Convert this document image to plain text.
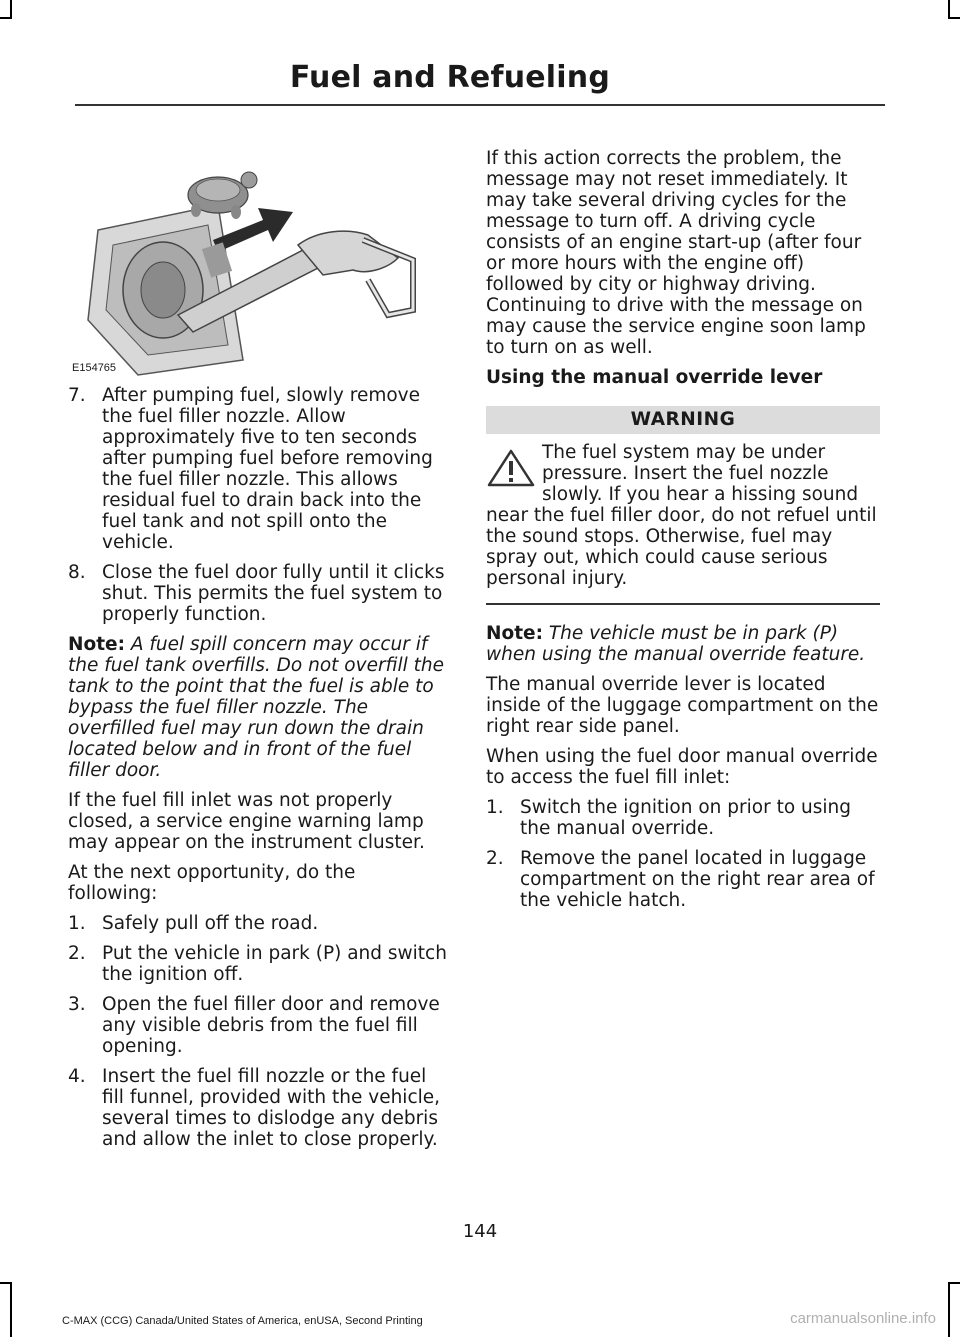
Fuel and Refueling
E154765
7. After pumping fuel, slowly remove the fuel filler nozzle. Allow approximately five to ten seconds after pumping fuel before removing the fuel filler nozzle. This allows residual fuel to drain back into the fuel tank and not spill onto the vehicle.
8. Close the fuel door fully until it clicks shut. This permits the fuel system to properly function.

Note: A fuel spill concern may occur if the fuel tank overfills. Do not overfill the tank to the point that the fuel is able to bypass the fuel filler nozzle. The overfilled fuel may run down the drain located below and in front of the fuel filler door.

If the fuel fill inlet was not properly closed, a service engine warning lamp may appear on the instrument cluster.

At the next opportunity, do the following:

1. Safely pull off the road.
2. Put the vehicle in park (P) and switch the ignition off.
3. Open the fuel filler door and remove any visible debris from the fuel fill opening.
4. Insert the fuel fill nozzle or the fuel fill funnel, provided with the vehicle, several times to dislodge any debris and allow the inlet to close properly.

If this action corrects the problem, the message may not reset immediately. It may take several driving cycles for the message to turn off. A driving cycle consists of an engine start-up (after four or more hours with the engine off) followed by city or highway driving. Continuing to drive with the message on may cause the service engine soon lamp to turn on as well.

Using the manual override lever
WARNING
The fuel system may be under pressure. Insert the fuel nozzle slowly. If you hear a hissing sound near the fuel filler door, do not refuel until the sound stops. Otherwise, fuel may spray out, which could cause serious personal injury.

Note: The vehicle must be in park (P) when using the manual override feature.

The manual override lever is located inside of the luggage compartment on the right rear side panel.

When using the fuel door manual override to access the fuel fill inlet:

1. Switch the ignition on prior to using the manual override.
2. Remove the panel located in luggage compartment on the right rear area of the vehicle hatch.
144
C-MAX (CCG) Canada/United States of America, enUSA, Second Printing	carmanualsonline.info
